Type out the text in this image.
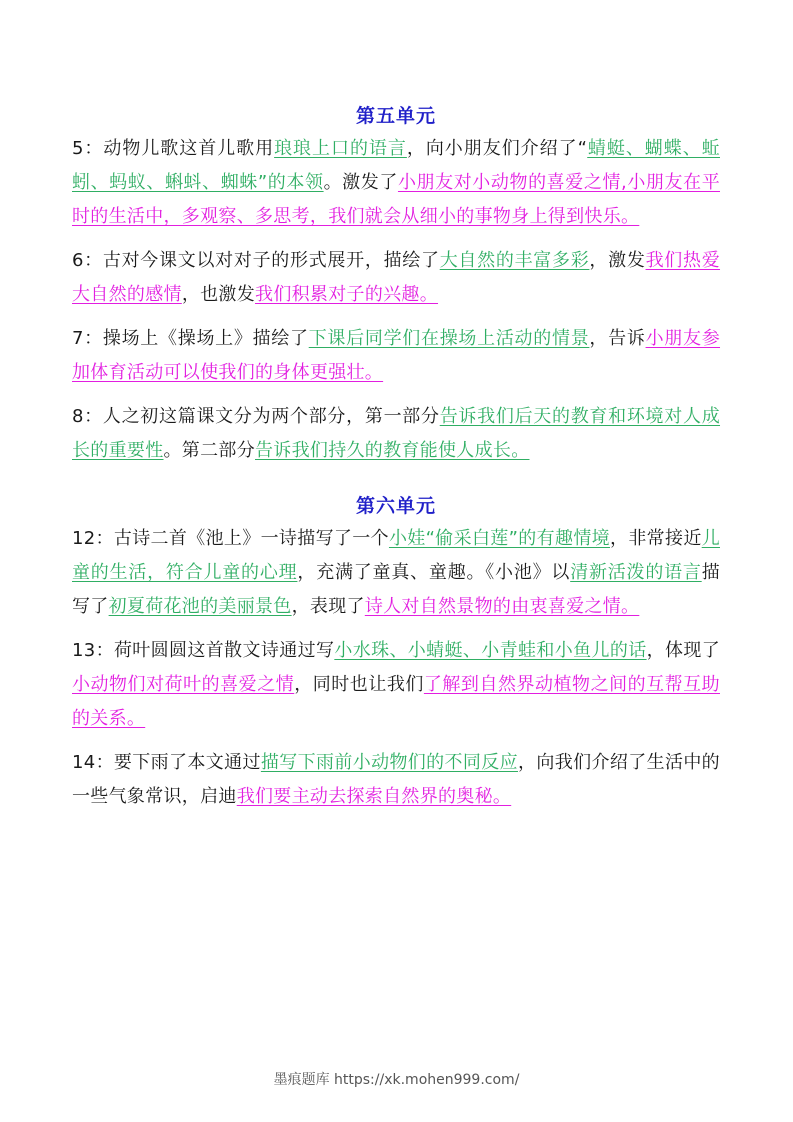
第五单元

5：动物儿歌这首儿歌用琅琅上口的语言，向小朋友们介绍了“蜻蜓、蝴蝶、蚯蚓、蚂蚁、蝌蚪、蜘蛛”的本领。激发了小朋友对小动物的喜爱之情,小朋友在平时的生活中，多观察、多思考，我们就会从细小的事物身上得到快乐。

6：古对今课文以对对子的形式展开，描绘了大自然的丰富多彩，激发我们热爱大自然的感情，也激发我们积累对子的兴趣。

7：操场上《操场上》描绘了下课后同学们在操场上活动的情景，告诉小朋友参加体育活动可以使我们的身体更强壮。

8：人之初这篇课文分为两个部分，第一部分告诉我们后天的教育和环境对人成长的重要性。第二部分告诉我们持久的教育能使人成长。

第六单元

12：古诗二首《池上》一诗描写了一个小娃“偷采白莲”的有趣情境，非常接近儿童的生活，符合儿童的心理，充满了童真、童趣。《小池》以清新活泼的语言描写了初夏荷花池的美丽景色，表现了诗人对自然景物的由衷喜爱之情。

13：荷叶圆圆这首散文诗通过写小水珠、小蜻蜓、小青蛙和小鱼儿的话，体现了小动物们对荷叶的喜爱之情，同时也让我们了解到自然界动植物之间的互帮互助的关系。

14：要下雨了本文通过描写下雨前小动物们的不同反应，向我们介绍了生活中的一些气象常识，启迪我们要主动去探索自然界的奥秘。

墨痕题库 https://xk.mohen999.com/
